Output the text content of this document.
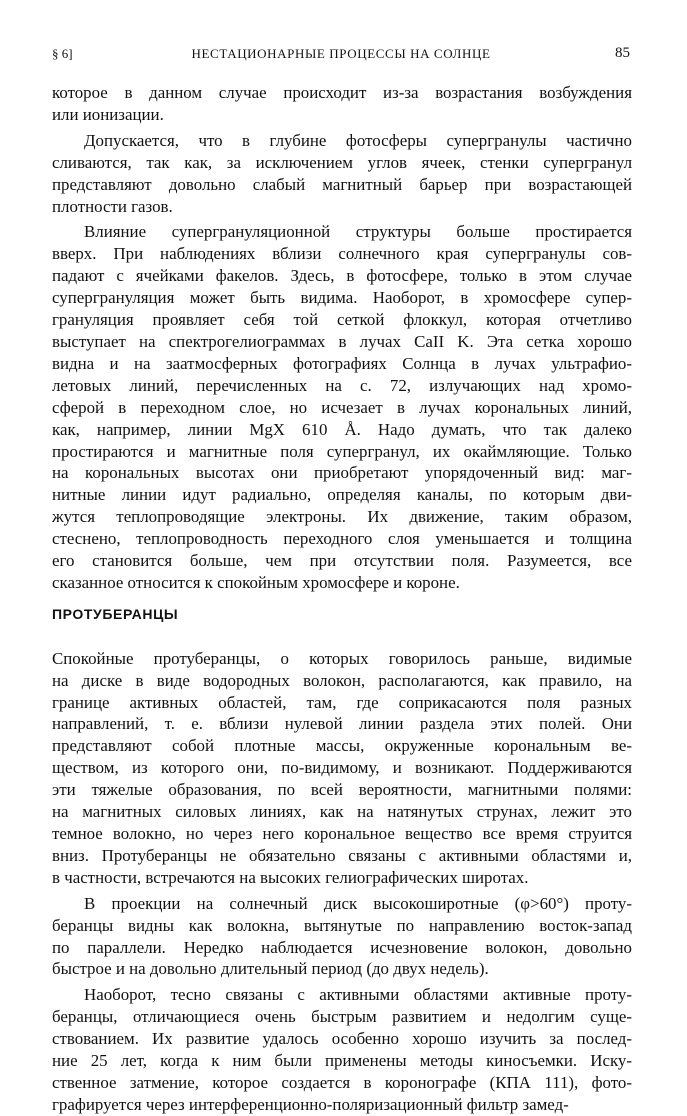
§ 6]	НЕСТАЦИОНАРНЫЕ ПРОЦЕССЫ НА СОЛНЦЕ	85
которое в данном случае происходит из-за возрастания возбуждения
или ионизации.
Допускается, что в глубине фотосферы супергранулы частично
сливаются, так как, за исключением углов ячеек, стенки супергранул
представляют довольно слабый магнитный барьер при возрастающей
плотности газов.
Влияние супергрануляционной структуры больше простирается
вверх. При наблюдениях вблизи солнечного края супергранулы сов-
падают с ячейками факелов. Здесь, в фотосфере, только в этом случае
супергрануляция может быть видима. Наоборот, в хромосфере супер-
грануляция проявляет себя той сеткой флоккул, которая отчетливо
выступает на спектрогелиограммах в лучах CaII K. Эта сетка хорошо
видна и на заатмосферных фотографиях Солнца в лучах ультрафио-
летовых линий, перечисленных на с. 72, излучающих над хромо-
сферой в переходном слое, но исчезает в лучах корональных линий,
как, например, линии MgX 610 Å. Надо думать, что так далеко
простираются и магнитные поля супергранул, их окаймляющие. Только
на корональных высотах они приобретают упорядоченный вид: маг-
нитные линии идут радиально, определяя каналы, по которым дви-
жутся теплопроводящие электроны. Их движение, таким образом,
стеснено, теплопроводность переходного слоя уменьшается и толщина
его становится больше, чем при отсутствии поля. Разумеется, все
сказанное относится к спокойным хромосфере и короне.
ПРОТУБЕРАНЦЫ
Спокойные протуберанцы, о которых говорилось раньше, видимые
на диске в виде водородных волокон, располагаются, как правило, на
границе активных областей, там, где соприкасаются поля разных
направлений, т. е. вблизи нулевой линии раздела этих полей. Они
представляют собой плотные массы, окруженные корональным ве-
ществом, из которого они, по-видимому, и возникают. Поддерживаются
эти тяжелые образования, по всей вероятности, магнитными полями:
на магнитных силовых линиях, как на натянутых струнах, лежит это
темное волокно, но через него корональное вещество все время струится
вниз. Протуберанцы не обязательно связаны с активными областями и,
в частности, встречаются на высоких гелиографических широтах.
В проекции на солнечный диск высокоширотные (φ>60°) проту-
беранцы видны как волокна, вытянутые по направлению восток-запад
по параллели. Нередко наблюдается исчезновение волокон, довольно
быстрое и на довольно длительный период (до двух недель).
Наоборот, тесно связаны с активными областями активные проту-
беранцы, отличающиеся очень быстрым развитием и недолгим суще-
ствованием. Их развитие удалось особенно хорошо изучить за послед-
ние 25 лет, когда к ним были применены методы киносъемки. Иску-
ственное затмение, которое создается в коронографе (КПА 111), фото-
графируется через интерференционно-поляризационный фильтр замед-
